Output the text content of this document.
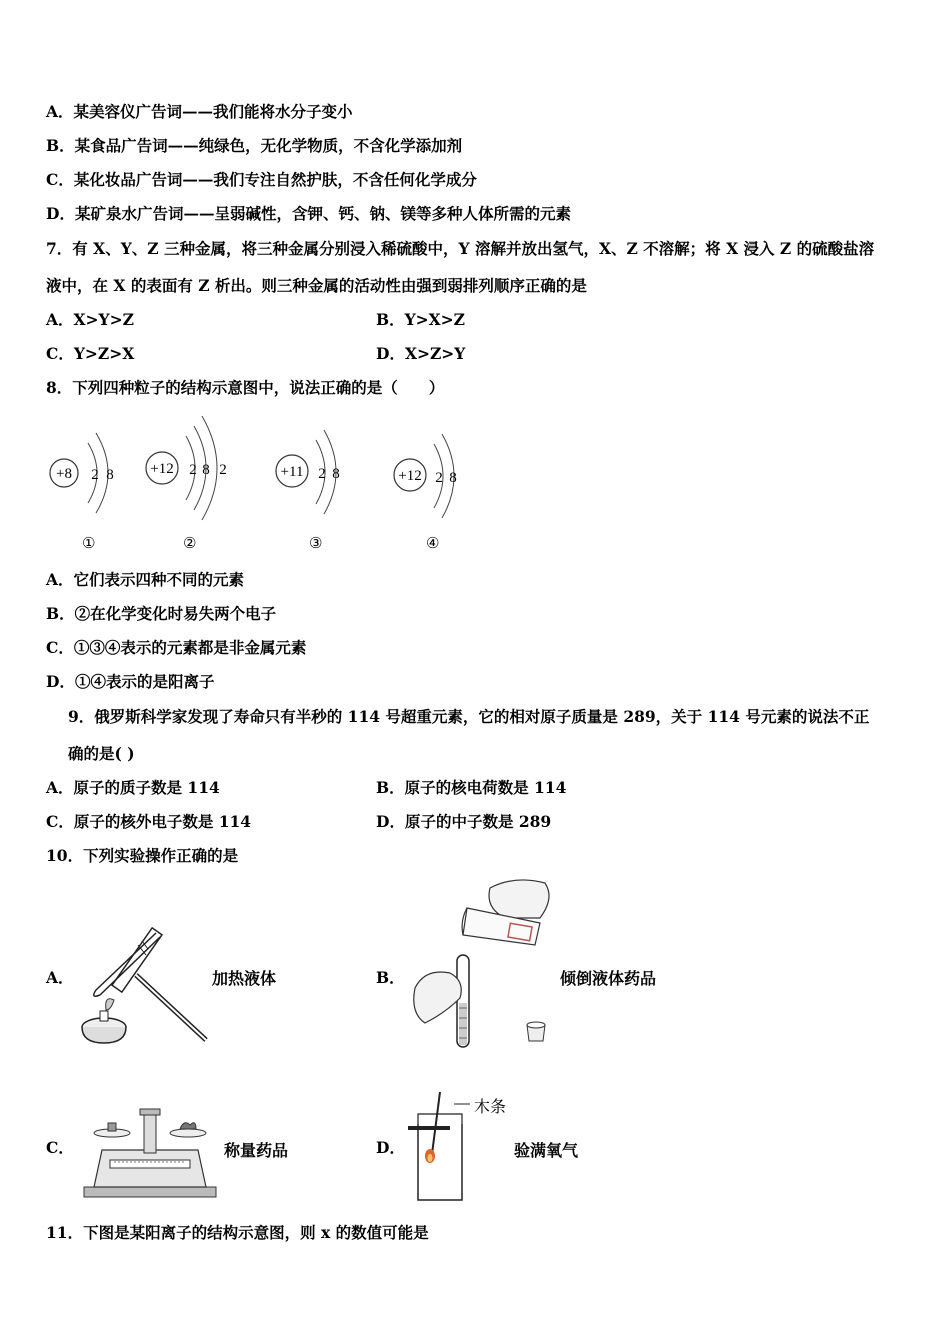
A．某美容仪广告词——我们能将水分子变小
B．某食品广告词——纯绿色，无化学物质，不含化学添加剂
C．某化妆品广告词——我们专注自然护肤，不含任何化学成分
D．某矿泉水广告词——呈弱碱性，含钾、钙、钠、镁等多种人体所需的元素
7．有 X、Y、Z 三种金属，将三种金属分别浸入稀硫酸中，Y 溶解并放出氢气，X、Z 不溶解；将 X 浸入 Z 的硫酸盐溶
液中，在 X 的表面有 Z 析出。则三种金属的活动性由强到弱排列顺序正确的是
A．X>Y>Z	B．Y>X>Z
C．Y>Z>X	D．X>Z>Y
8．下列四种粒子的结构示意图中，说法正确的是（　　）
+8 2 8 +12 2 8 2	+11 2 8	+12 2 8
①	②	③	④
A．它们表示四种不同的元素
B．②在化学变化时易失两个电子
C．①③④表示的元素都是非金属元素
D．①④表示的是阳离子
9．俄罗斯科学家发现了寿命只有半秒的 114 号超重元素，它的相对原子质量是 289，关于 114 号元素的说法不正
确的是( )
A．原子的质子数是 114	B．原子的核电荷数是 114
C．原子的核外电子数是 114	D．原子的中子数是 289
10．下列实验操作正确的是
A．	加热液体	B．	倾倒液体药品
C．	称量药品	D．
木条
验满氧气
11．下图是某阳离子的结构示意图，则 x 的数值可能是
